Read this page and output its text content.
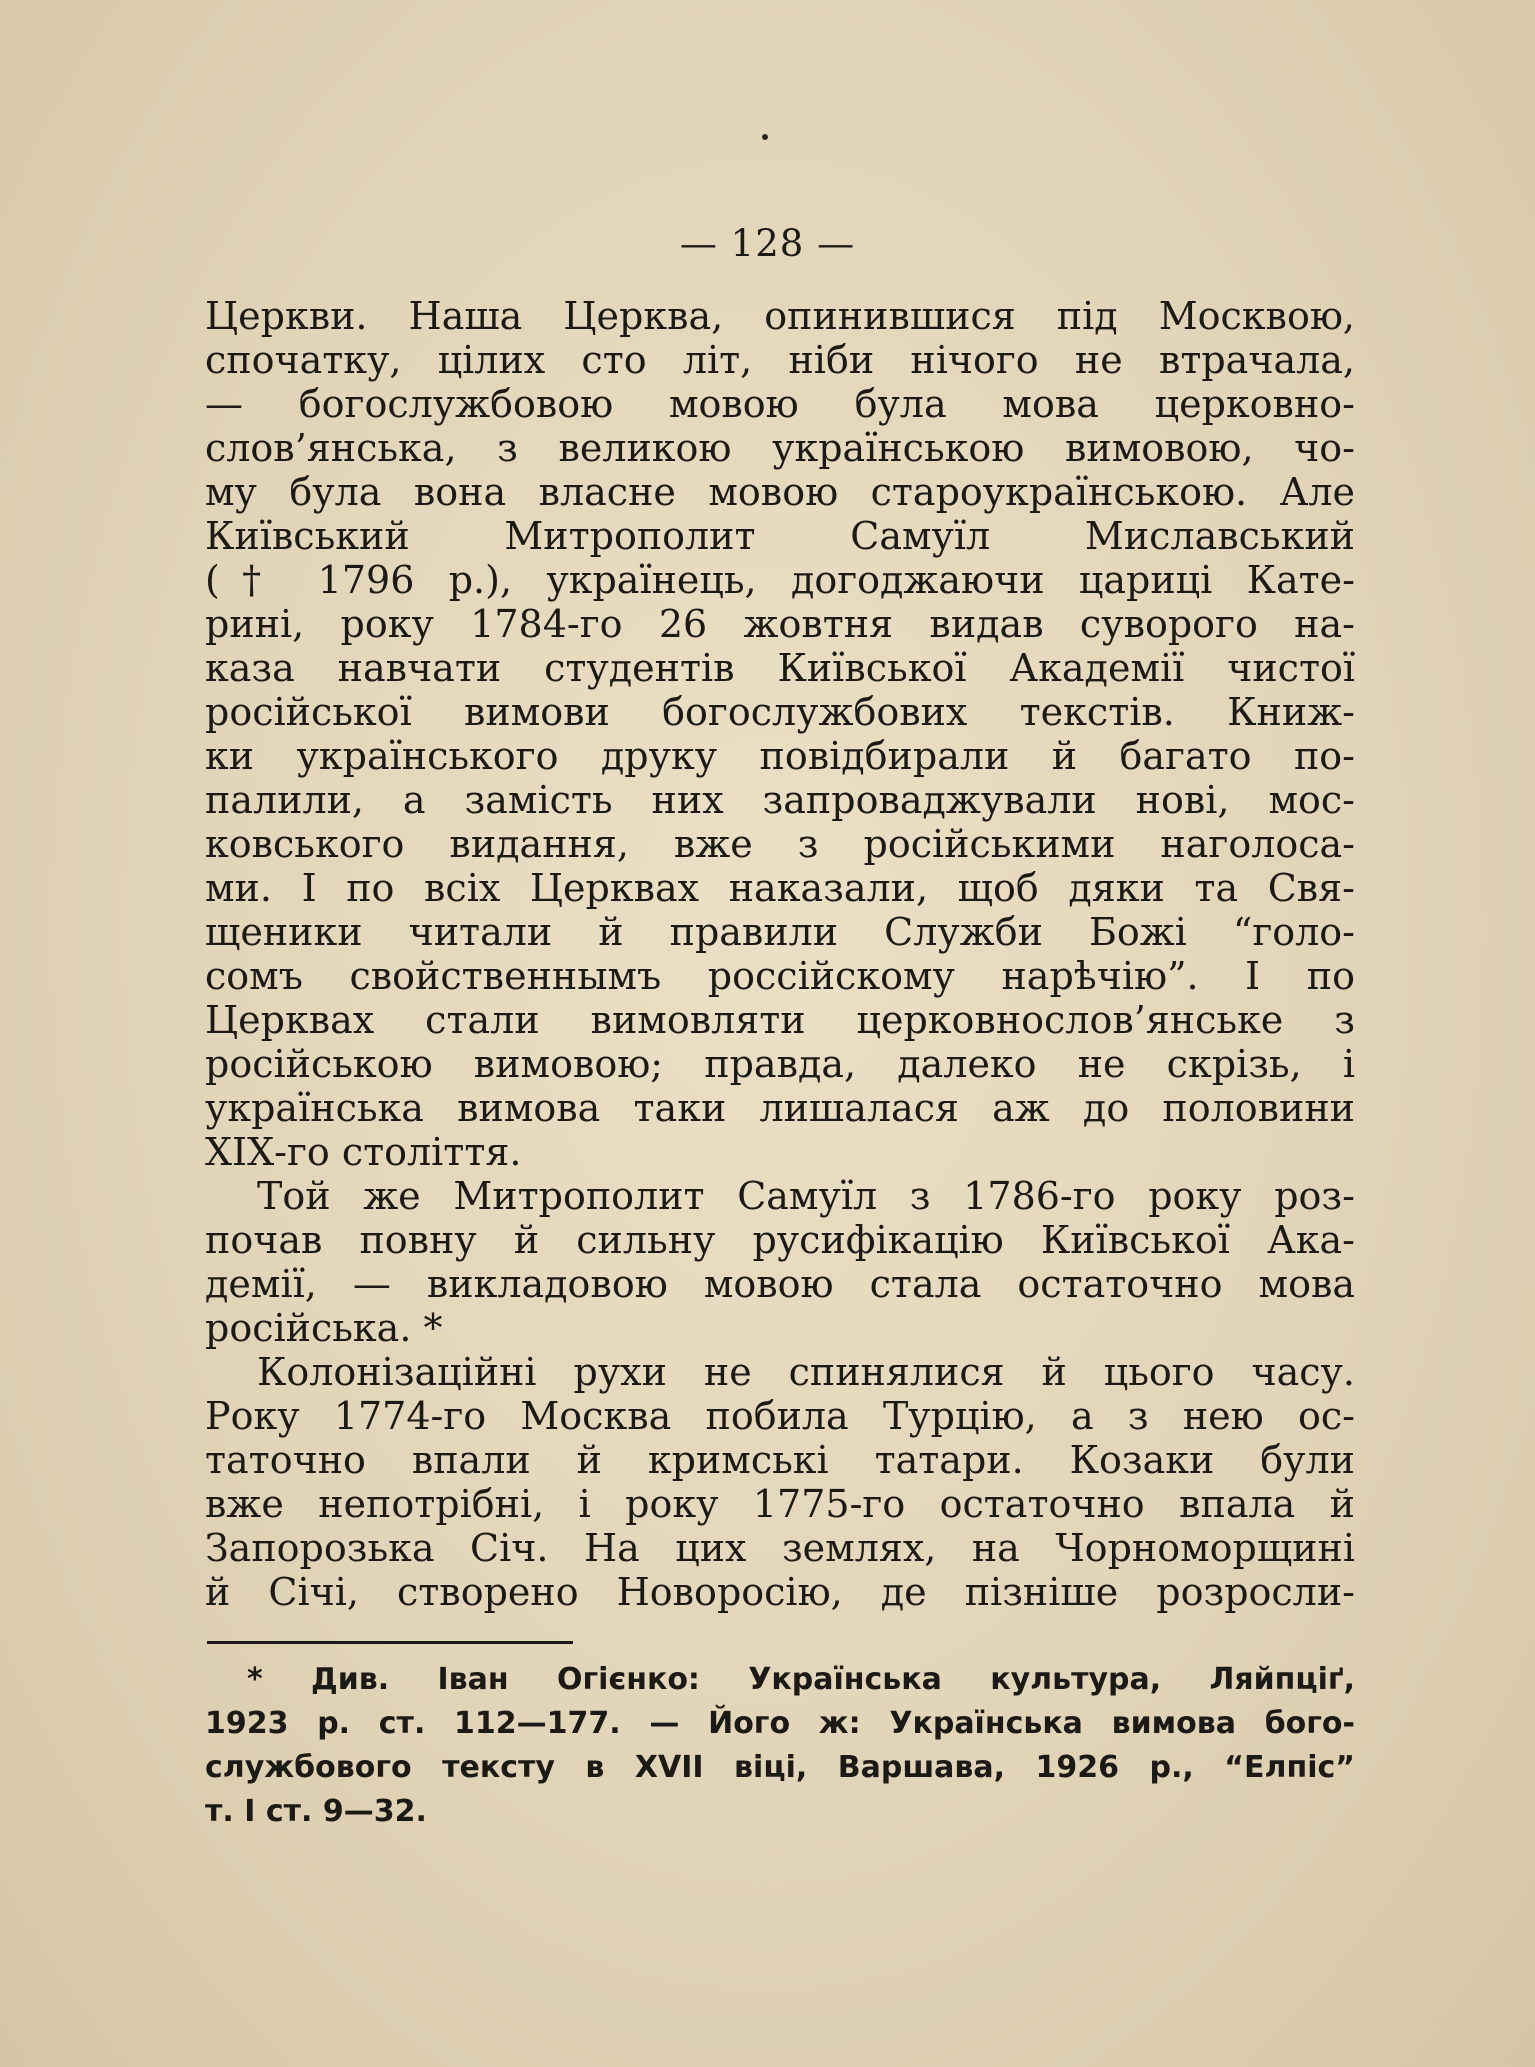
— 128 —
Церкви. Наша Церква, опинившися під Москвою,
спочатку, цілих сто літ, ніби нічого не втрачала,
— богослужбовою мовою була мова церковно-
слов’янська, з великою українською вимовою, чо-
му була вона власне мовою староукраїнською. Але
Київський Митрополит Самуїл Миславський
(† 1796 р.), українець, догоджаючи цариці Кате-
рині, року 1784-го 26 жовтня видав суворого на-
каза навчати студентів Київської Академії чистої
російської вимови богослужбових текстів. Книж-
ки українського друку повідбирали й багато по-
палили, а замість них запроваджували нові, мос-
ковського видання, вже з російськими наголоса-
ми. І по всіх Церквах наказали, щоб дяки та Свя-
щеники читали й правили Служби Божі “голо-
сомъ свойственнымъ россійскому нарѣчію”. І по
Церквах стали вимовляти церковнослов’янське з
російською вимовою; правда, далеко не скрізь, і
українська вимова таки лишалася аж до половини
ХІХ-го століття.
Той же Митрополит Самуїл з 1786-го року роз-
почав повну й сильну русифікацію Київської Ака-
демії, — викладовою мовою стала остаточно мова
російська. *
Колонізаційні рухи не спинялися й цього часу.
Року 1774-го Москва побила Турцію, а з нею ос-
таточно впали й кримські татари. Козаки були
вже непотрібні, і року 1775-го остаточно впала й
Запорозька Січ. На цих землях, на Чорноморщині
й Січі, створено Новоросію, де пізніше розросли-
* Див. Іван Огієнко: Українська культура, Ляйпціґ,
1923 р. ст. 112—177. — Його ж: Українська вимова бого-
службового тексту в XVII віці, Варшава, 1926 р., “Елпіс”
т. І ст. 9—32.
